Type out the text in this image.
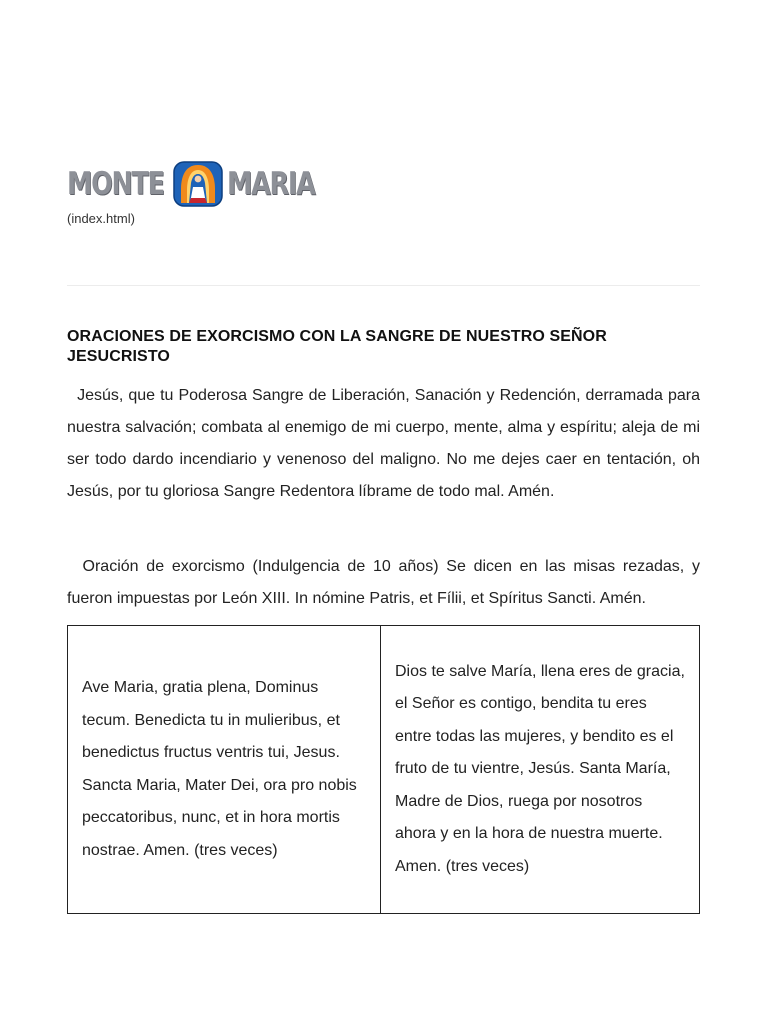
MONTE MARIA
(index.html)
ORACIONES DE EXORCISMO CON LA SANGRE DE NUESTRO SEÑOR JESUCRISTO

Jesús, que tu Poderosa Sangre de Liberación, Sanación y Redención, derramada para nuestra salvación; combata al enemigo de mi cuerpo, mente, alma y espíritu; aleja de mi ser todo dardo incendiario y venenoso del maligno. No me dejes caer en tentación, oh Jesús, por tu gloriosa Sangre Redentora líbrame de todo mal. Amén.

Oración de exorcismo (Indulgencia de 10 años) Se dicen en las misas rezadas, y fueron impuestas por León XIII. In nómine Patris, et Fílii, et Spíritus Sancti. Amén.

Ave Maria, gratia plena, Dominus tecum. Benedicta tu in mulieribus, et benedictus fructus ventris tui, Jesus. Sancta Maria, Mater Dei, ora pro nobis peccatoribus, nunc, et in hora mortis nostrae. Amen. (tres veces)	Dios te salve María, llena eres de gracia, el Señor es contigo, bendita tu eres entre todas las mujeres, y bendito es el fruto de tu vientre, Jesús. Santa María, Madre de Dios, ruega por nosotros ahora y en la hora de nuestra muerte. Amen. (tres veces)
